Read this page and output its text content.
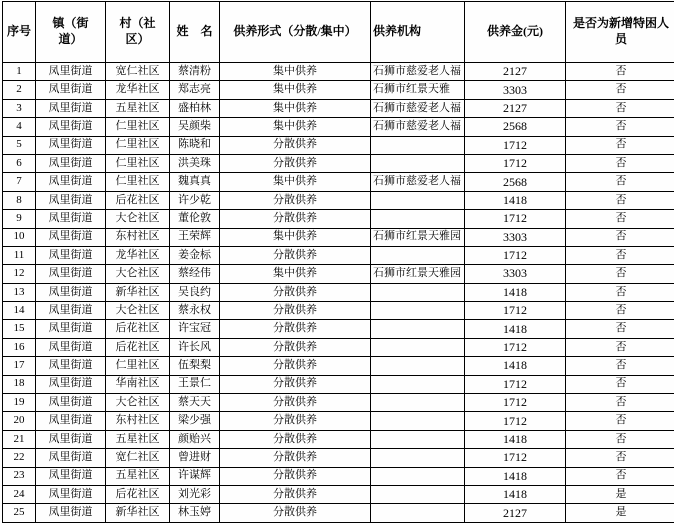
序号	镇（街道）	村（社区）	姓　名	供养形式（分散/集中）	供养机构	供养金(元)	是否为新增特困人员
1	凤里街道	宽仁社区	蔡清粉	集中供养	石狮市慈爱老人福	2127	否
2	凤里街道	龙华社区	郑志亮	集中供养	石狮市红景天雅	3303	否
3	凤里街道	五星社区	盛柏林	集中供养	石狮市慈爱老人福	2127	否
4	凤里街道	仁里社区	吴颜柴	集中供养	石狮市慈爱老人福	2568	否
5	凤里街道	仁里社区	陈晓和	分散供养		1712	否
6	凤里街道	仁里社区	洪美珠	分散供养		1712	否
7	凤里街道	仁里社区	魏真真	集中供养	石狮市慈爱老人福	2568	否
8	凤里街道	后花社区	许少乾	分散供养		1418	否
9	凤里街道	大仑社区	董伦敦	分散供养		1712	否
10	凤里街道	东村社区	王荣辉	集中供养	石狮市红景天雅园	3303	否
11	凤里街道	龙华社区	姜金标	分散供养		1712	否
12	凤里街道	大仑社区	蔡经伟	集中供养	石狮市红景天雅园	3303	否
13	凤里街道	新华社区	吴良约	分散供养		1418	否
14	凤里街道	大仑社区	蔡永权	分散供养		1712	否
15	凤里街道	后花社区	许宝冠	分散供养		1418	否
16	凤里街道	后花社区	许长风	分散供养		1712	否
17	凤里街道	仁里社区	伍梨梨	分散供养		1418	否
18	凤里街道	华南社区	王景仁	分散供养		1712	否
19	凤里街道	大仑社区	蔡天天	分散供养		1712	否
20	凤里街道	东村社区	梁少强	分散供养		1712	否
21	凤里街道	五星社区	颜贻兴	分散供养		1418	否
22	凤里街道	宽仁社区	曾进财	分散供养		1712	否
23	凤里街道	五星社区	许谋辉	分散供养		1418	否
24	凤里街道	后花社区	刘光彩	分散供养		1418	是
25	凤里街道	新华社区	林玉婷	分散供养		2127	是
